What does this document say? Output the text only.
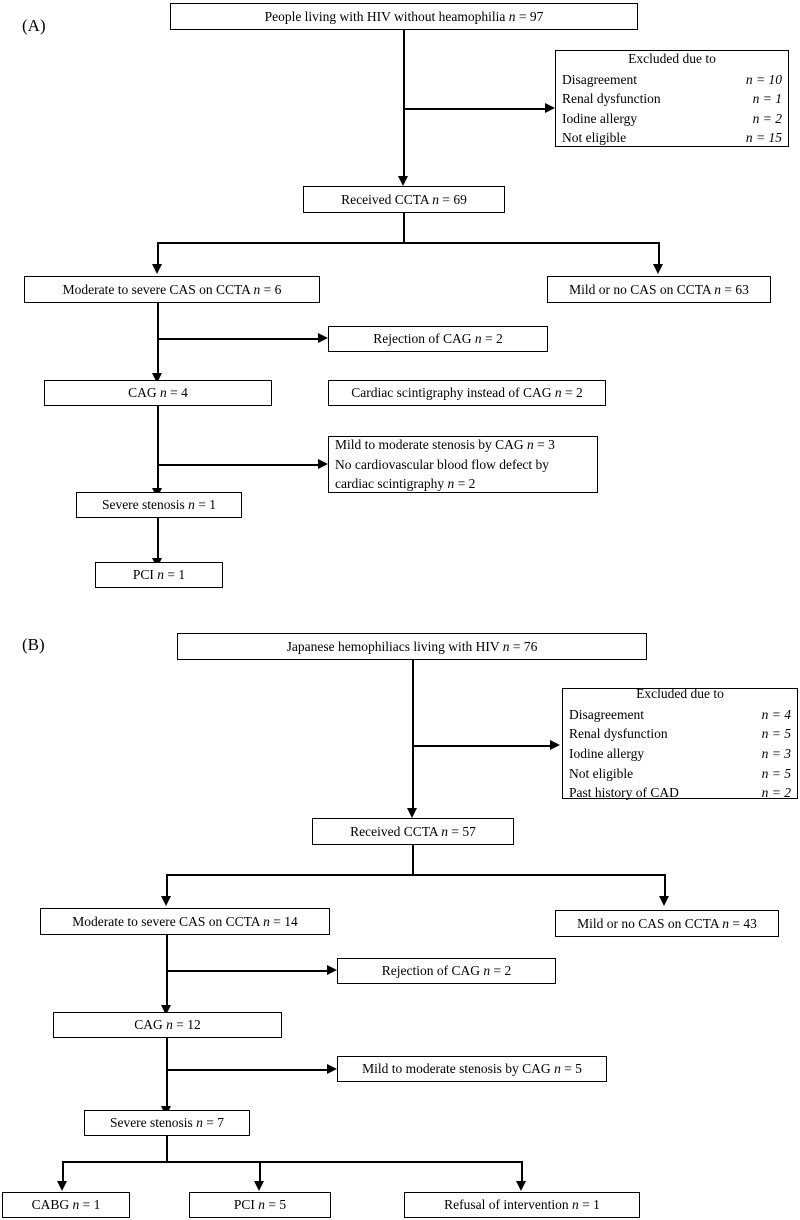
(A)	People living with HIV without heamophilia n = 97
Excluded due to
Disagreement	n = 10
Renal dysfunction	n = 1
Iodine allergy	n = 2
Not eligible	n = 15
Received CCTA n = 69
Moderate to severe CAS on CCTA n = 6	Mild or no CAS on CCTA n = 63
Rejection of CAG n = 2
CAG n = 4	Cardiac scintigraphy instead of CAG n = 2
Mild to moderate stenosis by CAG n = 3
No cardiovascular blood flow defect by
cardiac scintigraphy n = 2
Severe stenosis n = 1
PCI n = 1
(B)	Japanese hemophiliacs living with HIV n = 76
Excluded due to
Disagreement	n = 4
Renal dysfunction	n = 5
Iodine allergy	n = 3
Not eligible	n = 5
Past history of CAD	n = 2
Received CCTA n = 57
Moderate to severe CAS on CCTA n = 14	Mild or no CAS on CCTA n = 43
Rejection of CAG n = 2
CAG n = 12
Mild to moderate stenosis by CAG n = 5
Severe stenosis n = 7
CABG n = 1	PCI n = 5	Refusal of intervention n = 1
